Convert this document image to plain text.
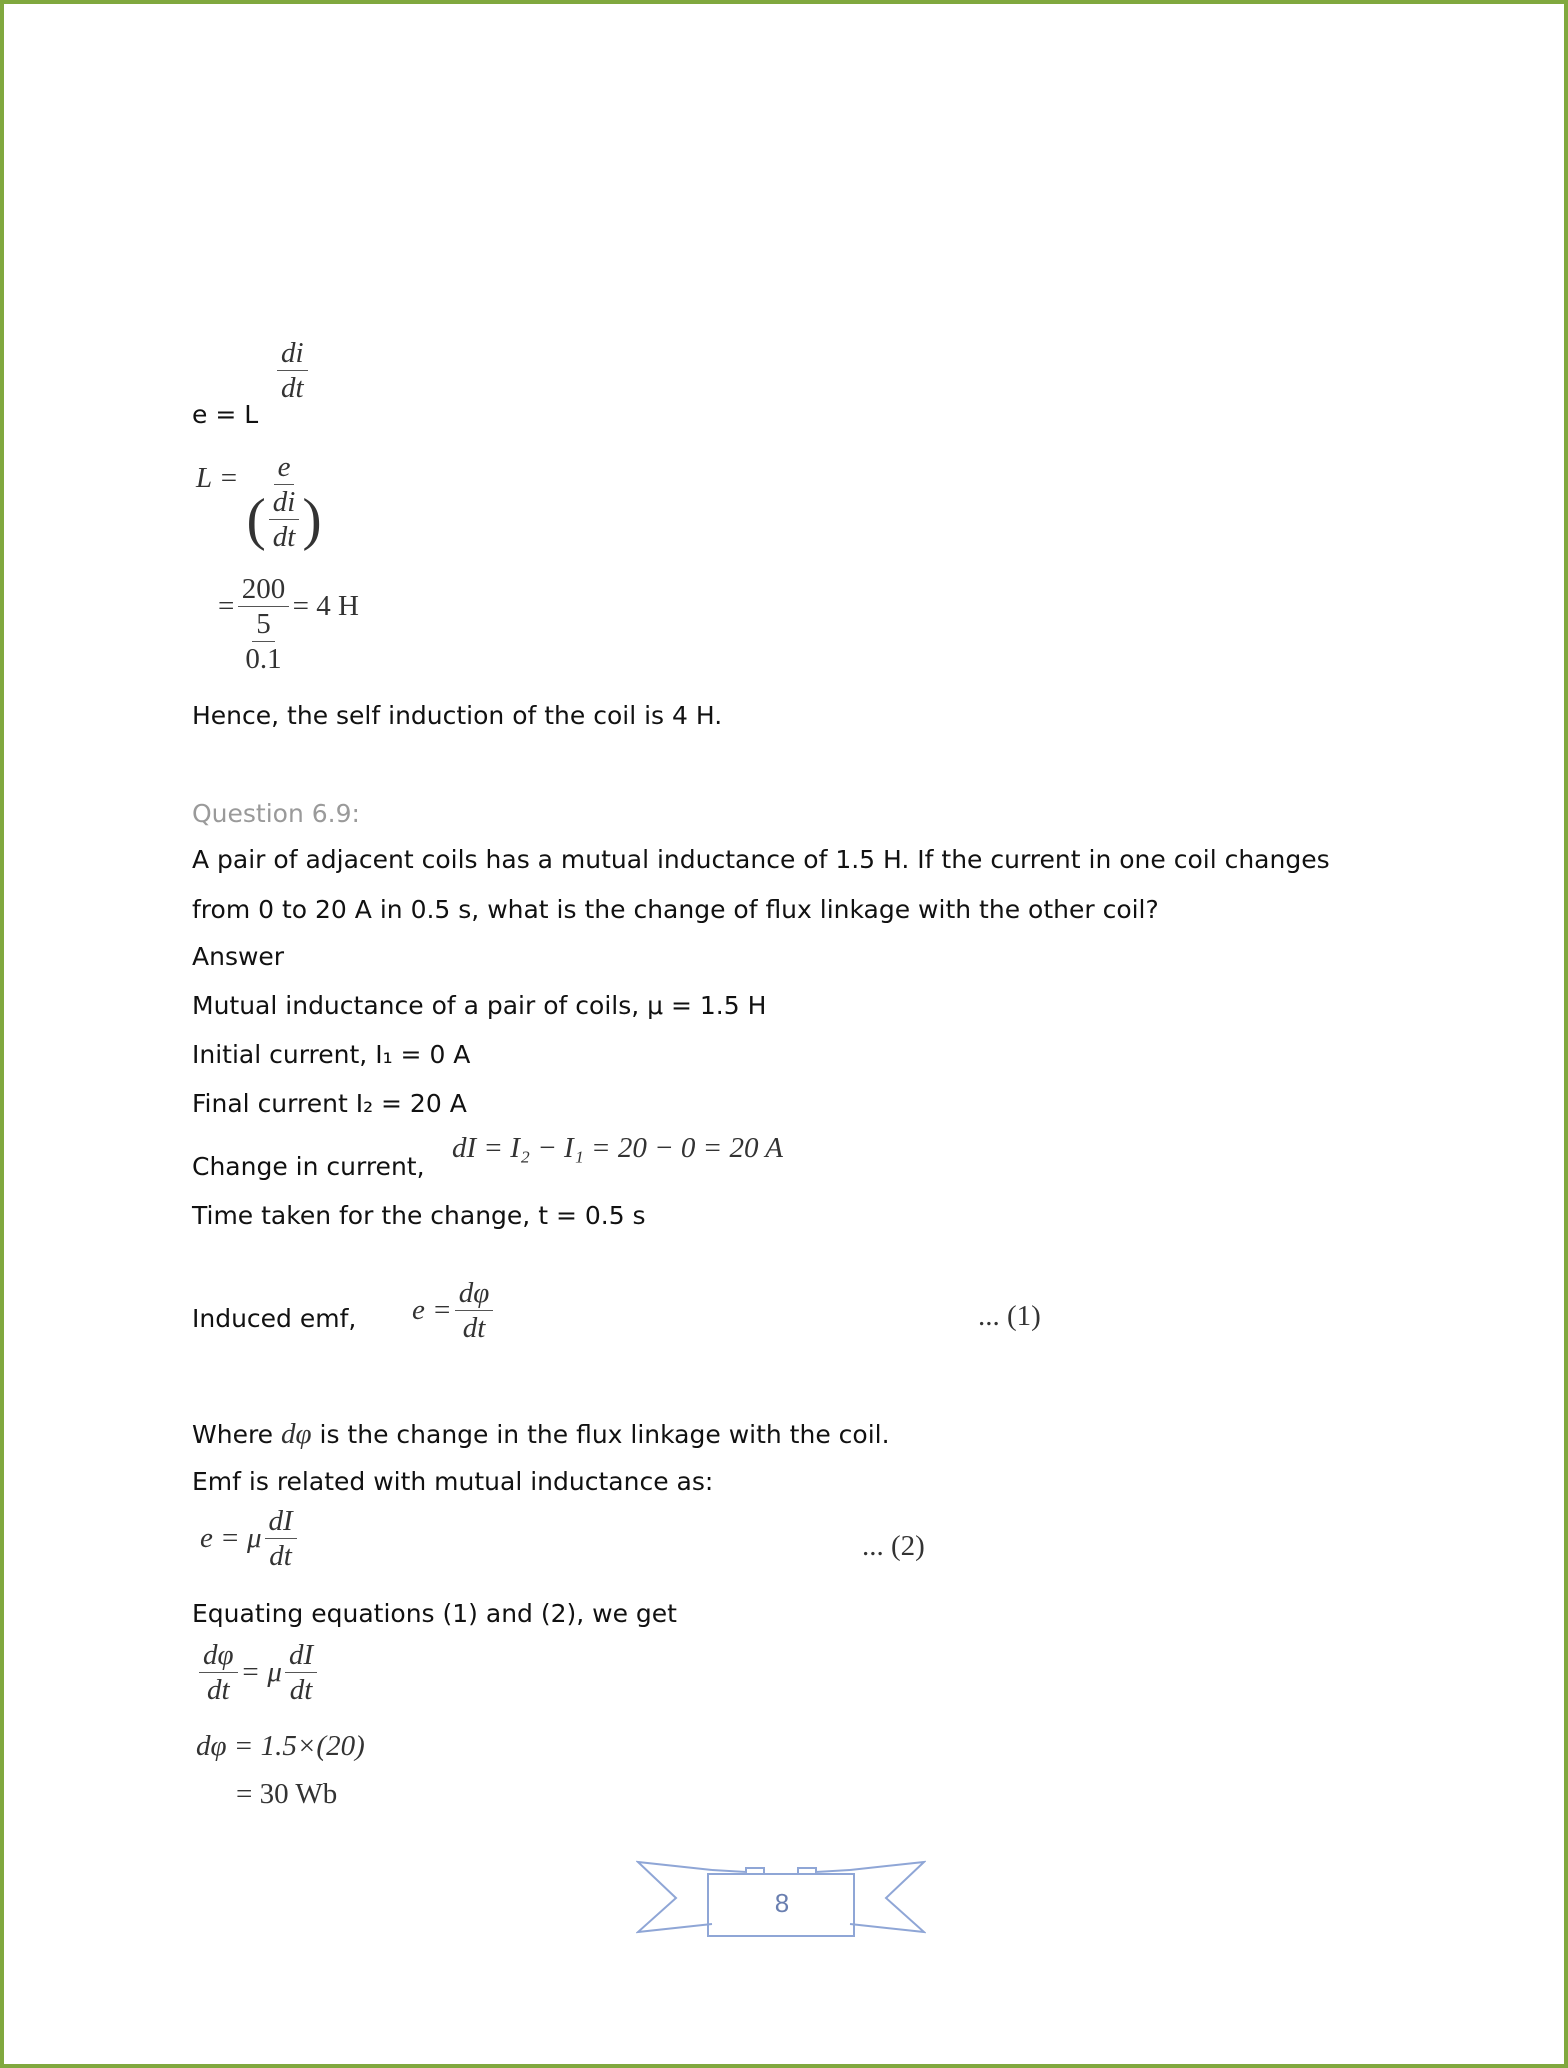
e = L
$\frac{di}{dt}$
$L = \frac{e}{( \frac{di}{dt} )}$
= $\frac{200}{\frac{5}{0.1}} = 4$ H
Hence, the self induction of the coil is 4 H.
Question 6.9:
A pair of adjacent coils has a mutual inductance of 1.5 H. If the current in one coil changes
from 0 to 20 A in 0.5 s, what is the change of flux linkage with the other coil?
Answer
Mutual inductance of a pair of coils, μ = 1.5 H
Initial current, I₁ = 0 A
Final current I₂ = 20 A
Change in current,
dI = I₂ − I₁ = 20 − 0 = 20 A
Time taken for the change, t = 0.5 s
Induced emf, $e = \frac{d\varphi}{dt}$	... (1)
Where dφ is the change in the flux linkage with the coil.
Emf is related with mutual inductance as:
e = μ $\frac{dI}{dt}$	... (2)
Equating equations (1) and (2), we get
$\frac{d\varphi}{dt} = \mu \frac{dI}{dt}$
dφ = 1.5×(20)
= 30 Wb
8
